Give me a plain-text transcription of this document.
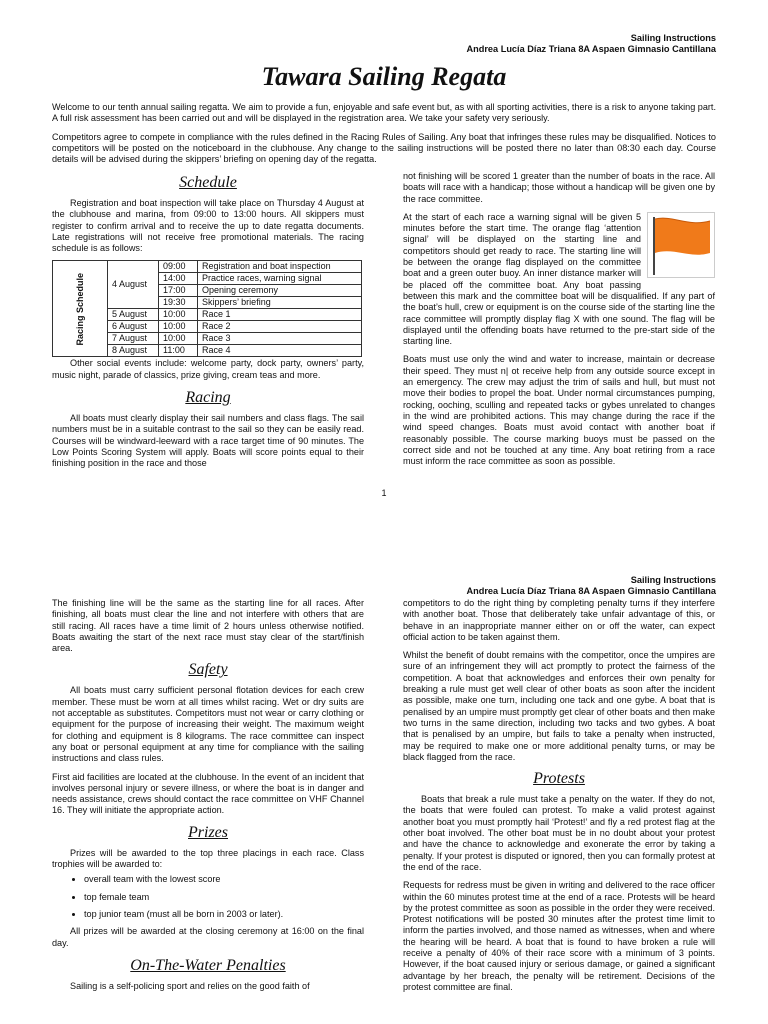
Sailing Instructions
Andrea Lucía Díaz Triana 8A Aspaen Gimnasio Cantillana
Tawara Sailing Regata

Welcome to our tenth annual sailing regatta. We aim to provide a fun, enjoyable and safe event but, as with all sporting activities, there is a risk to anyone taking part. A full risk assessment has been carried out and will be displayed in the registration area. We take your safety very seriously.

Competitors agree to compete in compliance with the rules defined in the Racing Rules of Sailing. Any boat that infringes these rules may be disqualified. Notices to competitors will be posted on the noticeboard in the clubhouse. Any change to the sailing instructions will be posted there no later than 08:30 each day. Course details will be advised during the skippers’ briefing on opening day of the regatta.

Schedule

Registration and boat inspection will take place on Thursday 4 August at the clubhouse and marina, from 09:00 to 13:00 hours. All skippers must register to confirm arrival and to receive the up to date regatta documents. Late registrations will not receive free promotional materials. The racing schedule is as follows:

Racing Schedule	4 August	09:00	Registration and boat inspection
		14:00	Practice races, warning signal
		17:00	Opening ceremony
		19:30	Skippers’ briefing
	5 August	10:00	Race 1
	6 August	10:00	Race 2
	7 August	10:00	Race 3
	8 August	11:00	Race 4

Other social events include: welcome party, dock party, owners’ party, music night, parade of classics, prize giving, cream teas and more.

Racing

All boats must clearly display their sail numbers and class flags. The sail numbers must be in a suitable contrast to the sail so they can be easily read. Courses will be windward-leeward with a race target time of 90 minutes. The Low Points Scoring System will apply. Boats will score points equal to their finishing position in the race and those

not finishing will be scored 1 greater than the number of boats in the race. All boats will race with a handicap; those without a handicap will be given one by the race committee.

At the start of each race a warning signal will be given 5 minutes before the start time. The orange flag ‘attention signal’ will be displayed on the starting line and competitors should get ready to race. The starting line will be between the orange flag displayed on the committee boat and a green outer buoy. An inner distance marker will be placed off the committee boat. Any boat passing between this mark and the committee boat will be disqualified. If any part of the boat’s hull, crew or equipment is on the course side of the starting line the race committee will promptly display flag X with one sound. The flag will be displayed until the offending boats have returned to the pre-start side of the starting line.

Boats must use only the wind and water to increase, maintain or decrease their speed. They must n| ot receive help from any outside source except in an emergency. The crew may adjust the trim of sails and hull, but must not move their bodies to propel the boat. Under normal circumstances pumping, rocking, ooching, sculling and repeated tacks or gybes unrelated to changes in the wind are prohibited actions. This may change during the race if the wind speed changes. Boats must avoid contact with another boat if reasonably possible. The course marking buoys must be passed on the correct side and not be touched at any time. Any boat retiring from a race must inform the race committee as soon as possible.

1
Sailing Instructions
Andrea Lucía Díaz Triana 8A Aspaen Gimnasio Cantillana

The finishing line will be the same as the starting line for all races. After finishing, all boats must clear the line and not interfere with others that are still racing. All races have a time limit of 2 hours unless otherwise notified. Boats awaiting the start of the next race must stay clear of the start/finish area.

Safety

All boats must carry sufficient personal flotation devices for each crew member. These must be worn at all times whilst racing. Wet or dry suits are not acceptable as substitutes. Competitors must not wear or carry clothing or equipment for the purpose of increasing their weight. The maximum weight for clothing and equipment is 8 kilograms. The race committee can inspect any boat or personal equipment at any time for compliance with the sailing instructions and class rules.

First aid facilities are located at the clubhouse. In the event of an incident that involves personal injury or severe illness, or where the boat is in danger and needs assistance, crews should contact the race committee on VHF Channel 16. They will initiate the appropriate action.

Prizes

Prizes will be awarded to the top three placings in each race. Class trophies will be awarded to:

• overall team with the lowest score
• top female team
• top junior team (must all be born in 2003 or later).

All prizes will be awarded at the closing ceremony at 16:00 on the final day.

On-The-Water Penalties

Sailing is a self-policing sport and relies on the good faith of

competitors to do the right thing by completing penalty turns if they interfere with another boat. Those that deliberately take unfair advantage of this, or behave in an inappropriate manner either on or off the water, can expect official action to be taken against them.

Whilst the benefit of doubt remains with the competitor, once the umpires are sure of an infringement they will act promptly to protect the fairness of the competition. A boat that acknowledges and enforces their own penalty for breaking a rule must get well clear of other boats as soon after the incident as possible, make one turn, including one tack and one gybe. A boat that is penalised by an umpire must promptly get clear of other boats and then make two turns in the same direction, including two tacks and two gybes. A boat that is penalised by an umpire, but fails to take a penalty when instructed, may be required to make one or more additional penalty turns, or may be black flagged from the race.

Protests

Boats that break a rule must take a penalty on the water. If they do not, the boats that were fouled can protest. To make a valid protest against another boat you must promptly hail ‘Protest!’ and fly a red protest flag at the other boat involved. The other boat must be in no doubt about your protest and have the chance to acknowledge and exonerate the error by taking a penalty. If your protest is disputed or ignored, then you can formally protest at the end of the race.

Requests for redress must be given in writing and delivered to the race officer within the 60 minutes protest time at the end of a race. Protests will be heard by the protest committee as soon as possible in the order they were received. Protest notifications will be posted 30 minutes after the protest time limit to inform the parties involved, and those named as witnesses, when and where the hearing will be heard. A boat that is found to have broken a rule will receive a penalty of 40% of their race score with a minimum of 3 points. However, if the boat caused injury or serious damage, or gained a significant advantage by her breach, the penalty will be retirement. Decisions of the protest committee are final.
